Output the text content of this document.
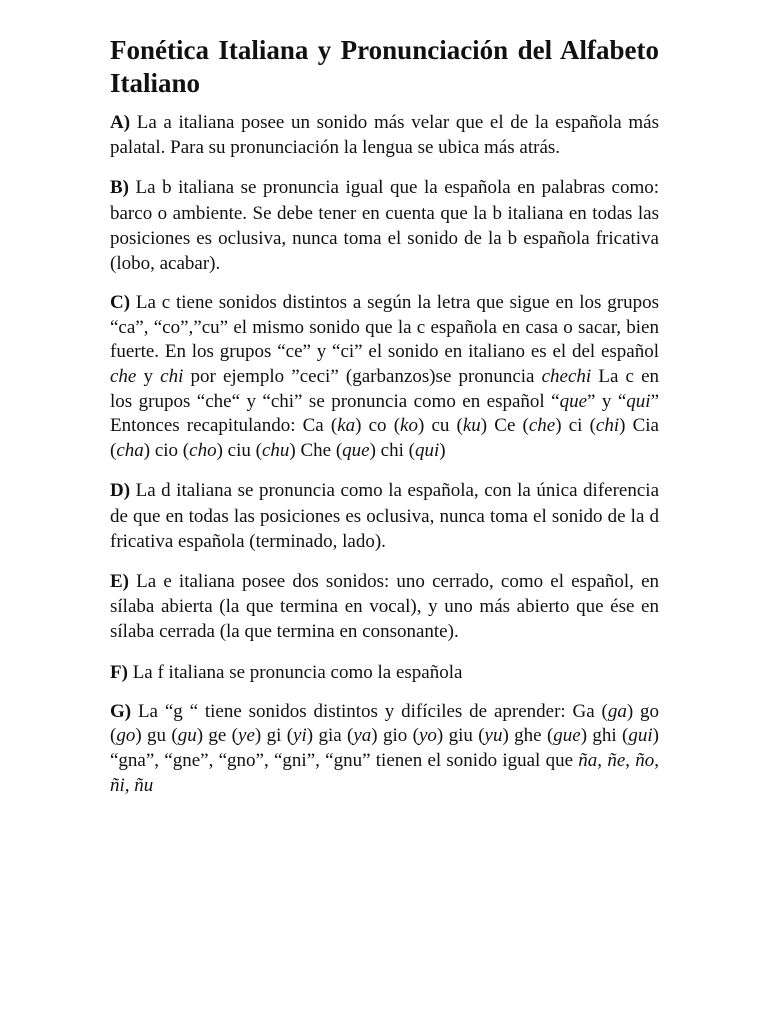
Fonética Italiana y Pronunciación del Alfabeto Italiano

A) La a italiana posee un sonido más velar que el de la española más palatal. Para su pronunciación la lengua se ubica más atrás.

B) La b italiana se pronuncia igual que la española en palabras como: barco o ambiente. Se debe tener en cuenta que la b italiana en todas las posiciones es oclusiva, nunca toma el sonido de la b española fricativa (lobo, acabar).

C) La c tiene sonidos distintos a según la letra que sigue en los grupos “ca”, “co”,”cu” el mismo sonido que la c española en casa o sacar, bien fuerte. En los grupos “ce” y “ci” el sonido en italiano es el del español che y chi por ejemplo ”ceci” (garbanzos)se pronuncia chechi La c en los grupos “che“ y “chi” se pronuncia como en español “que” y “qui” Entonces recapitulando: Ca (ka) co (ko) cu (ku) Ce (che) ci (chi) Cia (cha) cio (cho) ciu (chu) Che (que) chi (qui)

D) La d italiana se pronuncia como la española, con la única diferencia de que en todas las posiciones es oclusiva, nunca toma el sonido de la d fricativa española (terminado, lado).

E) La e italiana posee dos sonidos: uno cerrado, como el español, en sílaba abierta (la que termina en vocal), y uno más abierto que ése en sílaba cerrada (la que termina en consonante).

F) La f italiana se pronuncia como la española

G) La “g “ tiene sonidos distintos y difíciles de aprender: Ga (ga) go (go) gu (gu) ge (ye) gi (yi) gia (ya) gio (yo) giu (yu) ghe (gue) ghi (gui) “gna”, “gne”, “gno”, “gni”, “gnu” tienen el sonido igual que ña, ñe, ño, ñi, ñu
